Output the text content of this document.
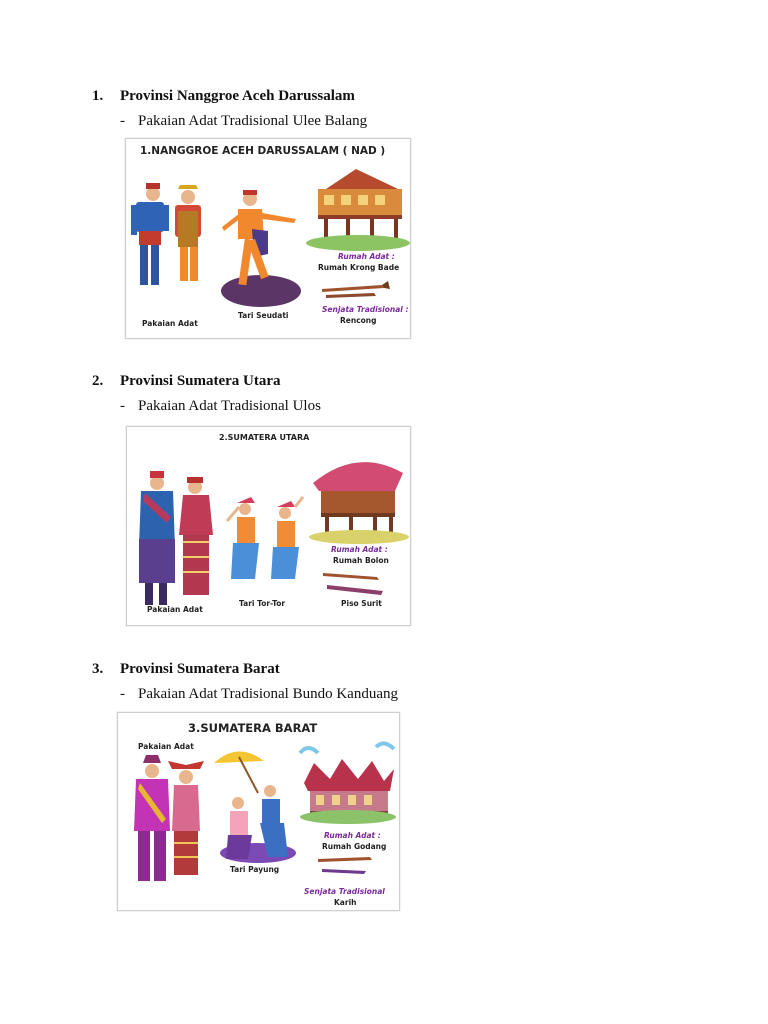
1. Provinsi Nanggroe Aceh Darussalam
- Pakaian Adat Tradisional Ulee Balang
1.NANGGROE ACEH DARUSSALAM ( NAD )
Pakaian Adat
Tari Seudati
Rumah Adat :
Rumah Krong Bade
Senjata Tradisional :
Rencong
2. Provinsi Sumatera Utara
- Pakaian Adat Tradisional Ulos
2.SUMATERA UTARA
Pakaian Adat
Tari Tor-Tor
Rumah Adat :
Rumah Bolon
Piso Surit
3. Provinsi Sumatera Barat
- Pakaian Adat Tradisional Bundo Kanduang
3.SUMATERA BARAT
Pakaian Adat
Tari Payung
Rumah Adat :
Rumah Godang
Senjata Tradisional
Karih
